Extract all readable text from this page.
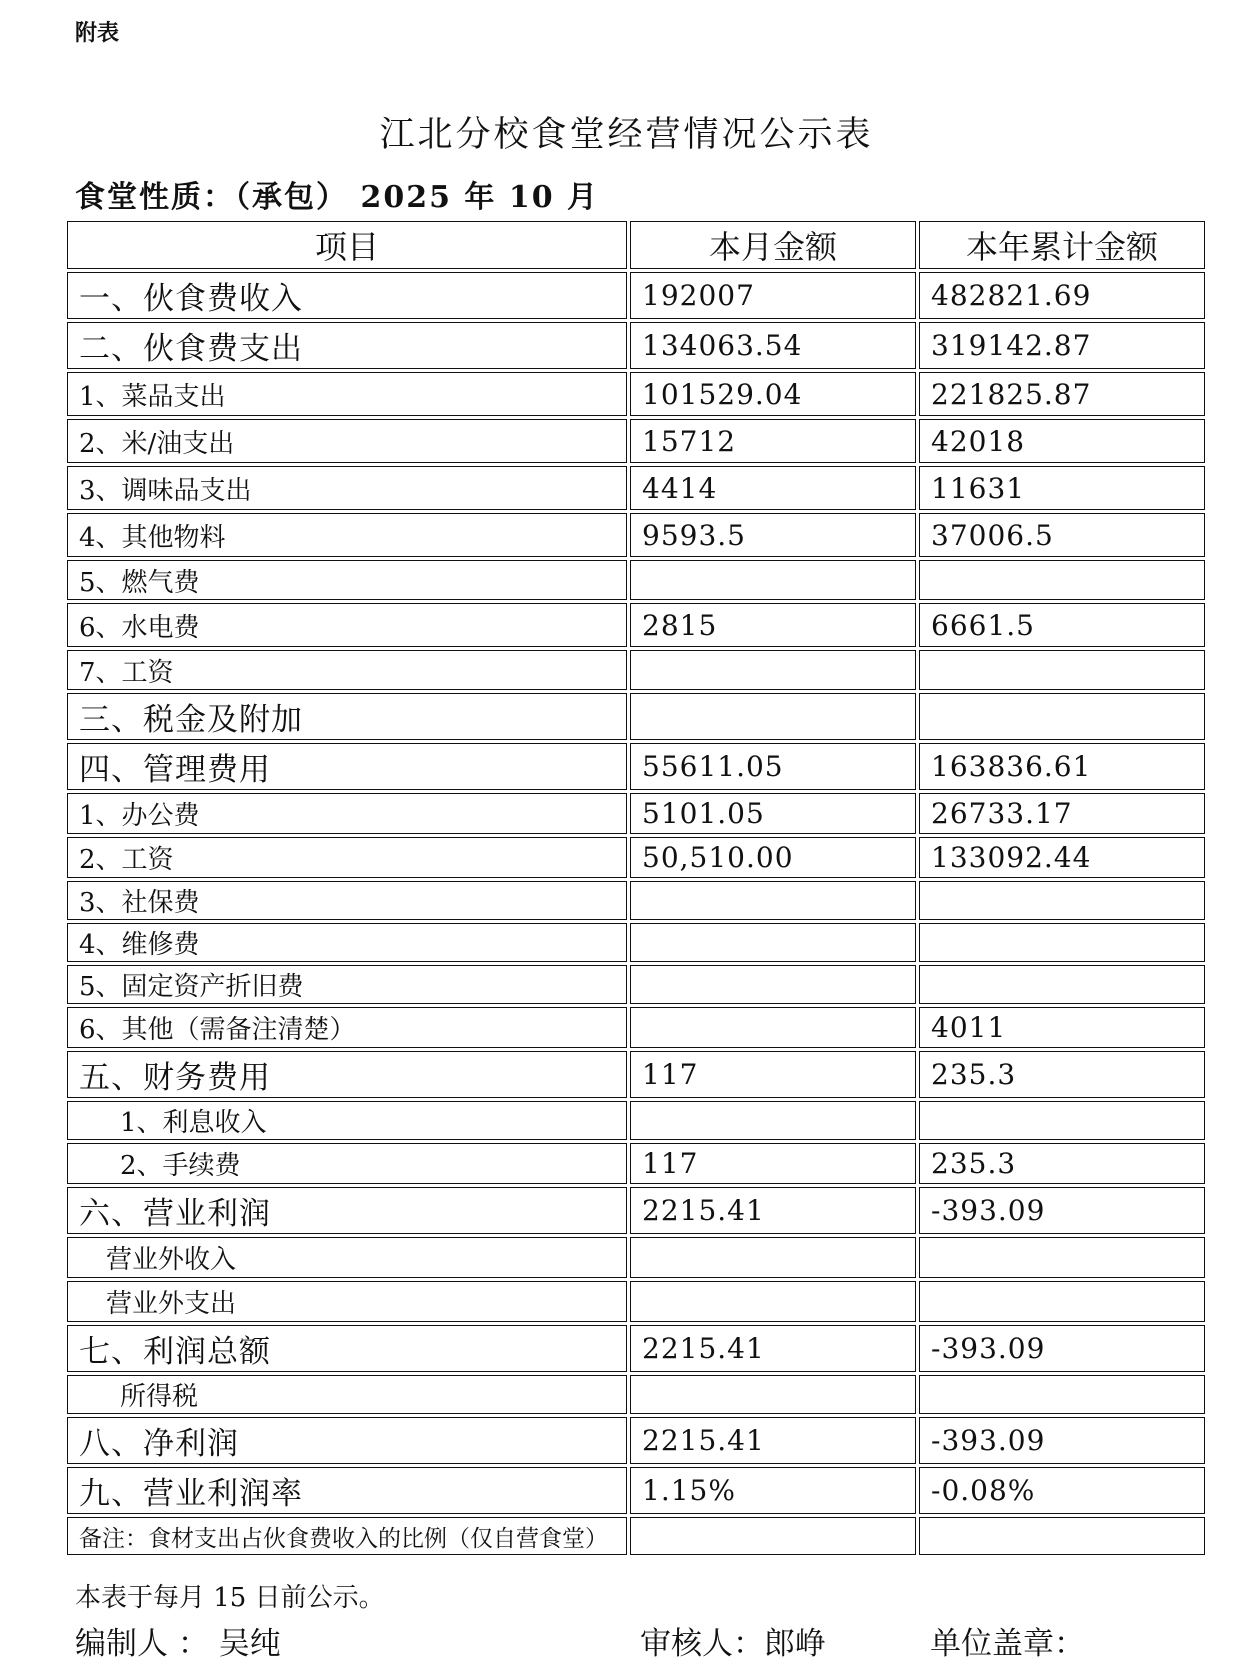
附表
江北分校食堂经营情况公示表
食堂性质：（承包） 2025 年 10 月
项目	本月金额	本年累计金额
一、伙食费收入	192007	482821.69
二、伙食费支出	134063.54	319142.87
1、菜品支出	101529.04	221825.87
2、米/油支出	15712	42018
3、调味品支出	4414	11631
4、其他物料	9593.5	37006.5
5、燃气费		
6、水电费	2815	6661.5
7、工资		
三、税金及附加		
四、管理费用	55611.05	163836.61
1、办公费	5101.05	26733.17
2、工资	50,510.00	133092.44
3、社保费		
4、维修费		
5、固定资产折旧费		
6、其他（需备注清楚）		4011
五、财务费用	117	235.3
1、利息收入		
2、手续费	117	235.3
六、营业利润	2215.41	-393.09
营业外收入		
营业外支出		
七、利润总额	2215.41	-393.09
所得税		
八、净利润	2215.41	-393.09
九、营业利润率	1.15%	-0.08%
备注：食材支出占伙食费收入的比例（仅自营食堂）		
本表于每月 15 日前公示。
编制人 ： 吴纯	审核人：郎峥	单位盖章：
